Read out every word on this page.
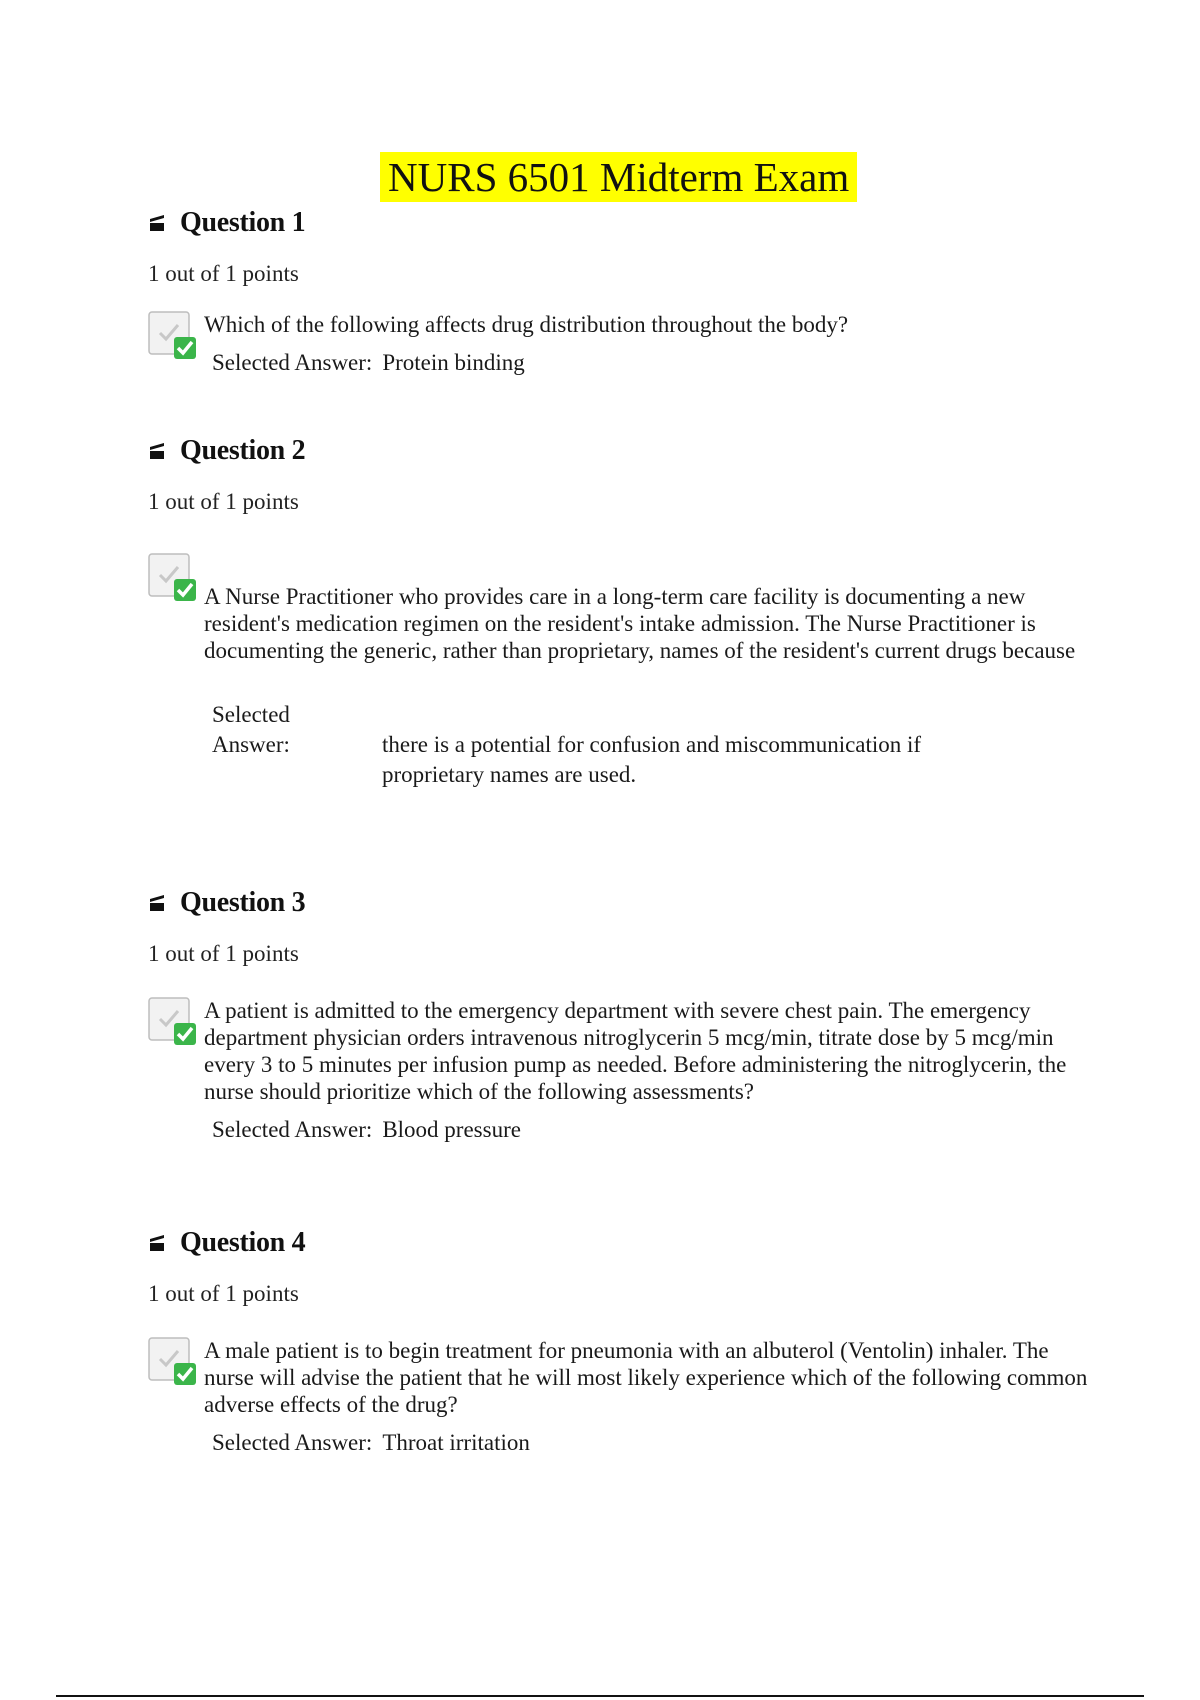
NURS 6501 Midterm Exam
Question 1
1 out of 1 points
Which of the following affects drug distribution throughout the body?
Selected Answer: Protein binding
Question 2
1 out of 1 points
A Nurse Practitioner who provides care in a long-term care facility is documenting a new resident's medication regimen on the resident's intake admission. The Nurse Practitioner is documenting the generic, rather than proprietary, names of the resident's current drugs because
Selected
Answer:	there is a potential for confusion and miscommunication if proprietary names are used.
Question 3
1 out of 1 points
A patient is admitted to the emergency department with severe chest pain. The emergency department physician orders intravenous nitroglycerin 5 mcg/min, titrate dose by 5 mcg/min every 3 to 5 minutes per infusion pump as needed. Before administering the nitroglycerin, the nurse should prioritize which of the following assessments?
Selected Answer: Blood pressure
Question 4
1 out of 1 points
A male patient is to begin treatment for pneumonia with an albuterol (Ventolin) inhaler. The nurse will advise the patient that he will most likely experience which of the following common adverse effects of the drug?
Selected Answer: Throat irritation
